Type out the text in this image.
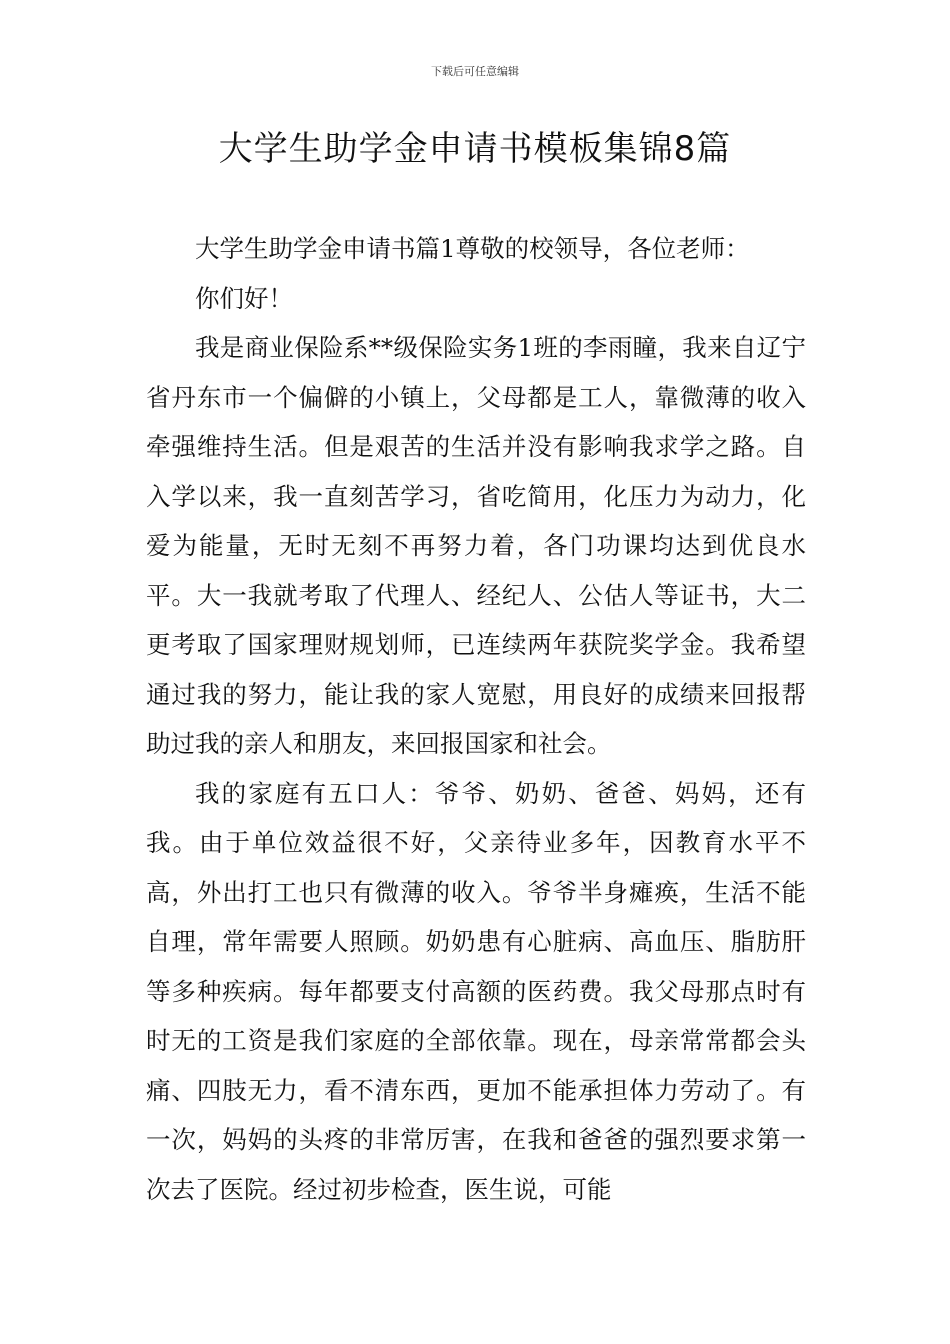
下载后可任意编辑
大学生助学金申请书模板集锦8篇

大学生助学金申请书篇1尊敬的校领导，各位老师：

你们好！

我是商业保险系**级保险实务1班的李雨瞳，我来自辽宁省丹东市一个偏僻的小镇上，父母都是工人，靠微薄的收入牵强维持生活。但是艰苦的生活并没有影响我求学之路。自入学以来，我一直刻苦学习，省吃简用，化压力为动力，化爱为能量，无时无刻不再努力着，各门功课均达到优良水平。大一我就考取了代理人、经纪人、公估人等证书，大二更考取了国家理财规划师，已连续两年获院奖学金。我希望通过我的努力，能让我的家人宽慰，用良好的成绩来回报帮助过我的亲人和朋友，来回报国家和社会。

我的家庭有五口人：爷爷、奶奶、爸爸、妈妈，还有我。由于单位效益很不好，父亲待业多年，因教育水平不高，外出打工也只有微薄的收入。爷爷半身瘫痪，生活不能自理，常年需要人照顾。奶奶患有心脏病、高血压、脂肪肝等多种疾病。每年都要支付高额的医药费。我父母那点时有时无的工资是我们家庭的全部依靠。现在，母亲常常都会头痛、四肢无力，看不清东西，更加不能承担体力劳动了。有一次，妈妈的头疼的非常厉害，在我和爸爸的强烈要求第一次去了医院。经过初步检查，医生说，可能
